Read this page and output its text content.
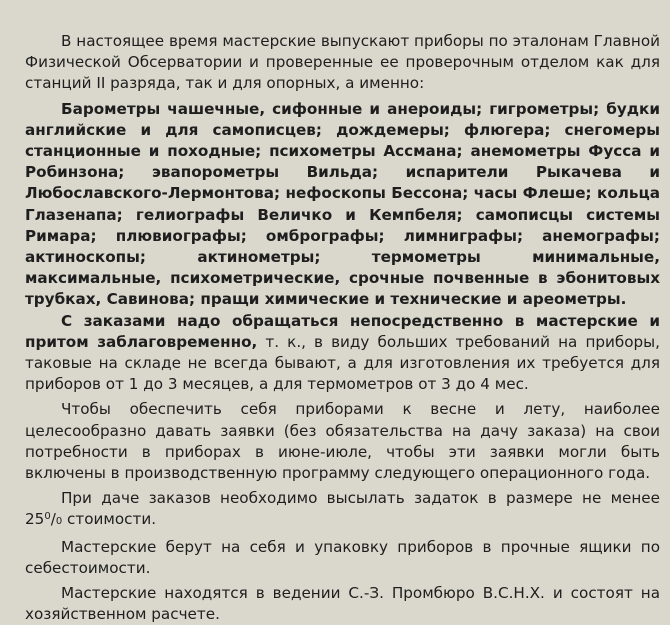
В настоящее время мастерские выпускают приборы по эталонам Главной Физической Обсерватории и проверенные ее проверочным отделом как для станций II разряда, так и для опорных, а именно:

Барометры чашечные, сифонные и анероиды; гигрометры; будки английские и для самописцев; дождемеры; флюгера; снегомеры станционные и походные; психометры Ассмана; анемометры Фусса и Робинзона; эвапорометры Вильда; испарители Рыкачева и Любославского-Лермонтова; нефоскопы Бессона; часы Флеше; кольца Глазенапа; гелиографы Величко и Кемпбеля; самописцы системы Римара; плювиографы; омбрографы; лимниграфы; анемографы; актиноскопы; актинометры; термометры минимальные, максимальные, психометрические, срочные почвенные в эбонитовых трубках, Савинова; пращи химические и технические и ареометры.

С заказами надо обращаться непосредственно в мастерские и притом заблаговременно, т. к., в виду больших требований на приборы, таковые на складе не всегда бывают, а для изготовления их требуется для приборов от 1 до 3 месяцев, а для термометров от 3 до 4 мес.

Чтобы обеспечить себя приборами к весне и лету, наиболее целесообразно давать заявки (без обязательства на дачу заказа) на свои потребности в приборах в июне-июле, чтобы эти заявки могли быть включены в производственную программу следующего операционного года.

При даче заказов необходимо высылать задаток в размере не менее $25^0/0$ стоимости.

Мастерские берут на себя и упаковку приборов в прочные ящики по себестоимости.

Мастерские находятся в ведении С.-З. Промбюро В.С.Н.Х. и состоят на хозяйственном расчете.
